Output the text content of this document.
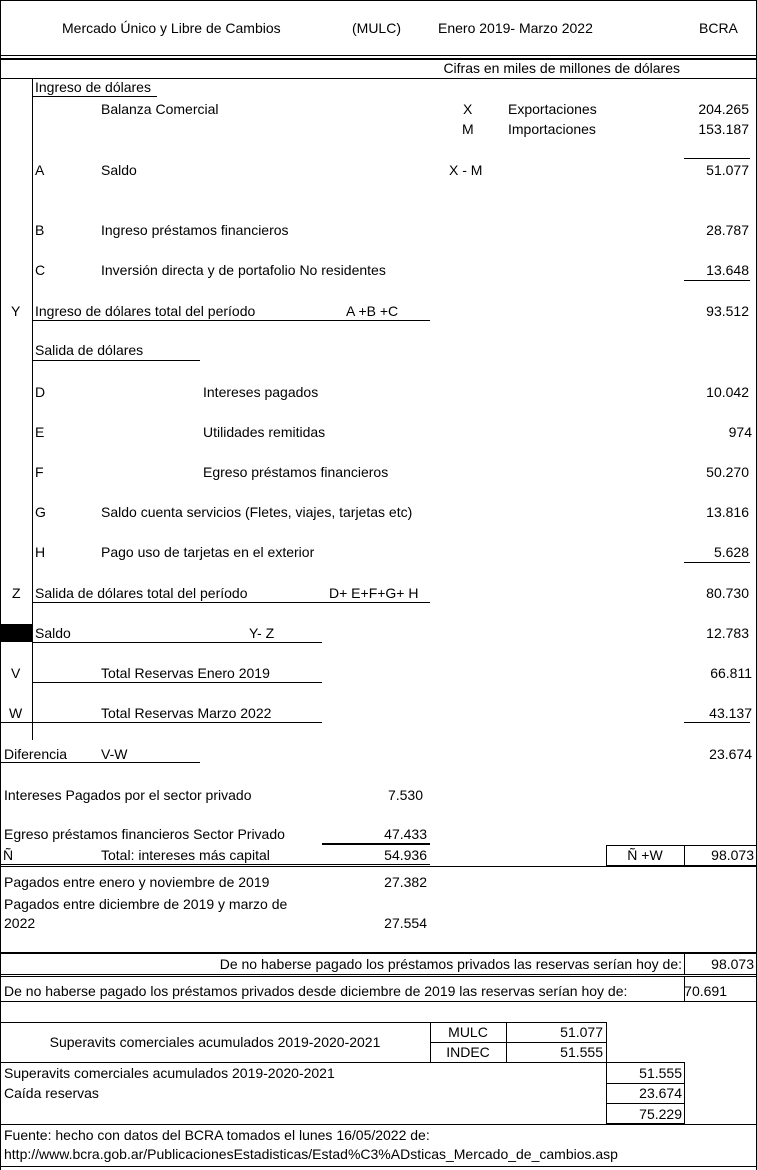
Mercado Único y Libre de Cambios	(MULC)	Enero 2019- Marzo 2022	BCRA
Cifras en miles de millones de dólares
Ingreso de dólares
Balanza Comercial	X	Exportaciones	204.265
M Importaciones	153.187
A	Saldo	X - M	51.077
B	Ingreso préstamos financieros	28.787
C	Inversión directa y de portafolio No residentes	13.648
Y Ingreso de dólares total del período	A +B +C	93.512
Salida de dólares
D	Intereses pagados	10.042
E	Utilidades remitidas	974
F	Egreso préstamos financieros	50.270
G	Saldo cuenta servicios (Fletes, viajes, tarjetas etc)	13.816
H	Pago uso de tarjetas en el exterior	5.628
Z Salida de dólares total del período	D+ E+F+G+ H	80.730
Saldo	Y- Z	12.783
V	Total Reservas Enero 2019	66.811
W	Total Reservas Marzo 2022	43.137
Diferencia V-W	23.674
Intereses Pagados por el sector privado	7.530
Egreso préstamos financieros Sector Privado	47.433
Ñ	Total: intereses más capital	54.936	Ñ +W	98.073
Pagados entre enero y noviembre de 2019	27.382
Pagados entre diciembre de 2019 y marzo de
2022	27.554
De no haberse pagado los préstamos privados las reservas serían hoy de: 98.073
De no haberse pagado los préstamos privados desde diciembre de 2019 las reservas serían hoy de:	70.691
Superavits comerciales acumulados 2019-2020-2021
MULC	51.077
INDEC	51.555
Superavits comerciales acumulados 2019-2020-2021	51.555
Caída reservas	23.674
75.229
Fuente: hecho con datos del BCRA tomados el lunes 16/05/2022 de:
http://www.bcra.gob.ar/PublicacionesEstadisticas/Estad%C3%ADsticas_Mercado_de_cambios.asp
